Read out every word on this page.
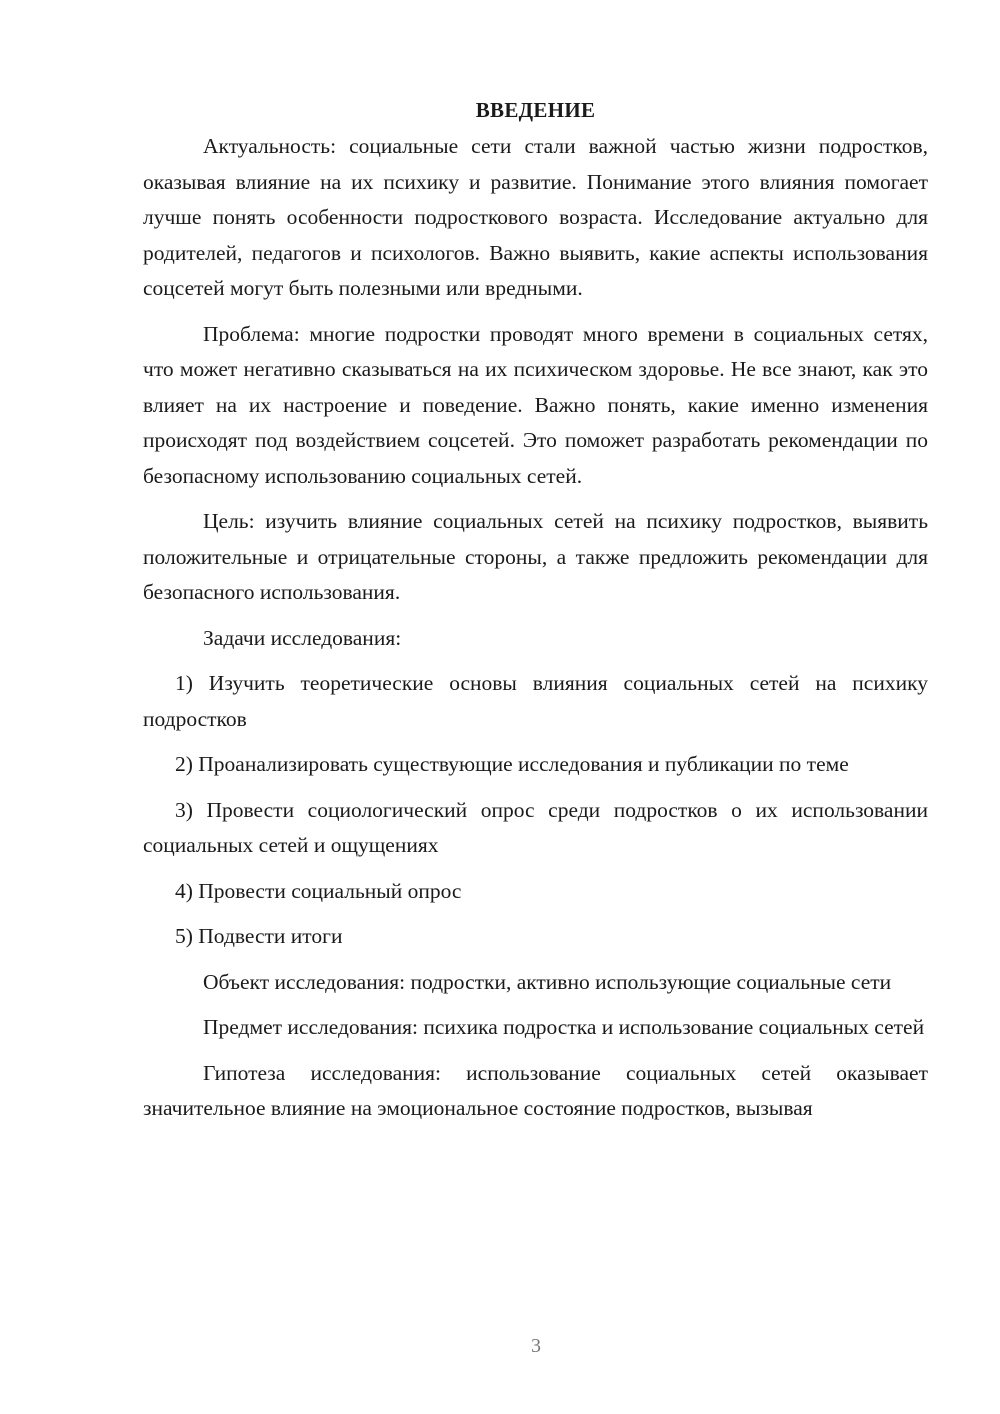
ВВЕДЕНИЕ

Актуальность: социальные сети стали важной частью жизни подростков, оказывая влияние на их психику и развитие. Понимание этого влияния помогает лучше понять особенности подросткового возраста. Исследование актуально для родителей, педагогов и психологов. Важно выявить, какие аспекты использования соцсетей могут быть полезными или вредными.

Проблема: многие подростки проводят много времени в социальных сетях, что может негативно сказываться на их психическом здоровье. Не все знают, как это влияет на их настроение и поведение. Важно понять, какие именно изменения происходят под воздействием соцсетей. Это поможет разработать рекомендации по безопасному использованию социальных сетей.

Цель: изучить влияние социальных сетей на психику подростков, выявить положительные и отрицательные стороны, а также предложить рекомендации для безопасного использования.

Задачи исследования:

1) Изучить теоретические основы влияния социальных сетей на психику подростков

2) Проанализировать существующие исследования и публикации по теме

3) Провести социологический опрос среди подростков о их использовании социальных сетей и ощущениях

4) Провести социальный опрос

5) Подвести итоги

Объект исследования: подростки, активно использующие социальные сети

Предмет исследования: психика подростка и использование социальных сетей

Гипотеза исследования: использование социальных сетей оказывает значительное влияние на эмоциональное состояние подростков, вызывая

3
